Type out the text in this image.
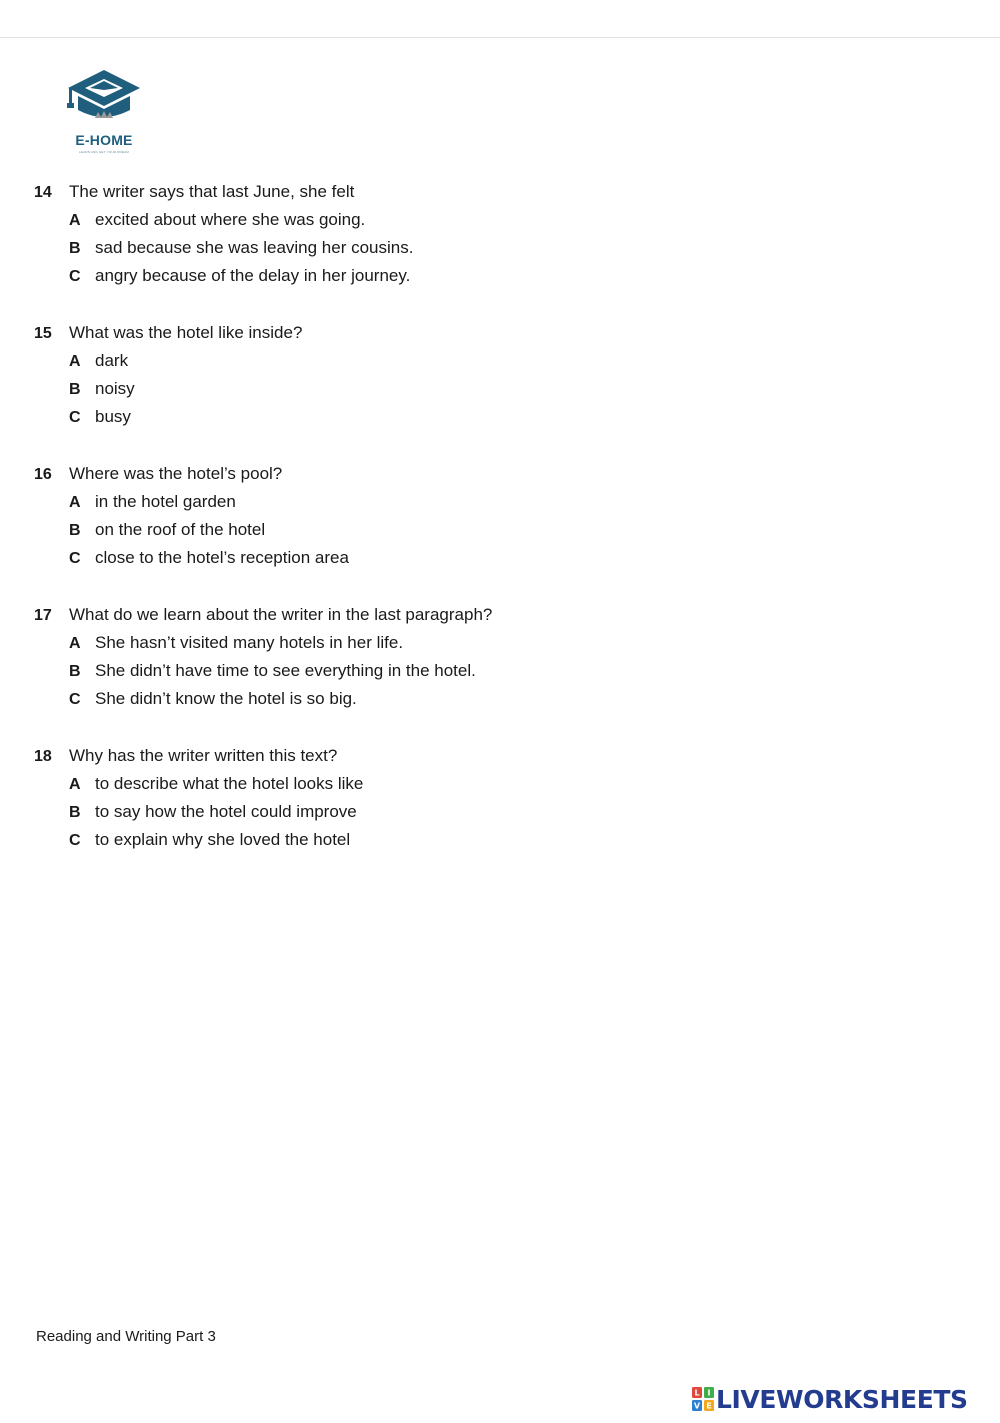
E-HOME
LEARN AND GET YOUR DREAM
14 The writer says that last June, she felt
A excited about where she was going.
B sad because she was leaving her cousins.
C angry because of the delay in her journey.
15 What was the hotel like inside?
A dark
B noisy
C busy
16 Where was the hotel’s pool?
A in the hotel garden
B on the roof of the hotel
C close to the hotel’s reception area
17 What do we learn about the writer in the last paragraph?
A She hasn’t visited many hotels in her life.
B She didn’t have time to see everything in the hotel.
C She didn’t know the hotel is so big.
18 Why has the writer written this text?
A to describe what the hotel looks like
B to say how the hotel could improve
C to explain why she loved the hotel
Reading and Writing Part 3
L I
V E LIVEWORKSHEETS
